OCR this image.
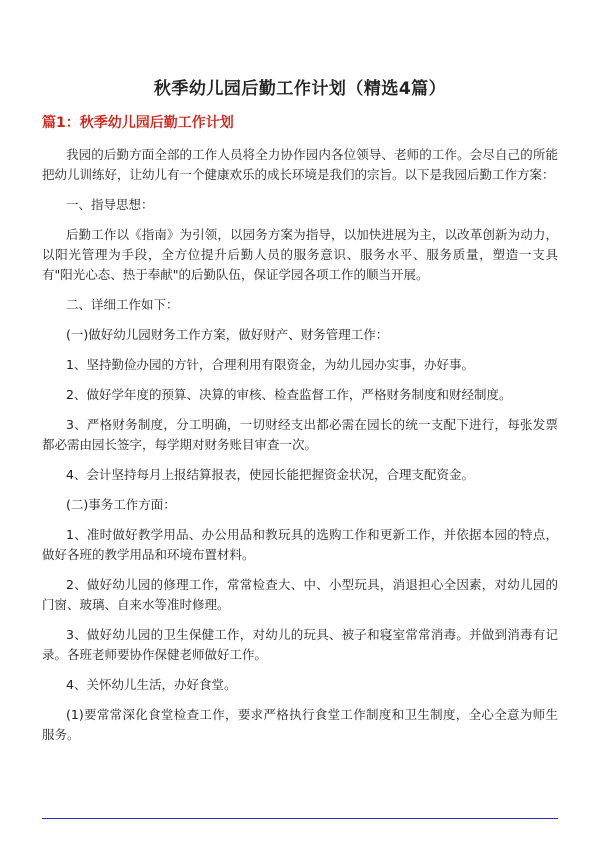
秋季幼儿园后勤工作计划（精选4篇）
篇1：秋季幼儿园后勤工作计划

我园的后勤方面全部的工作人员将全力协作园内各位领导、老师的工作。会尽自己的所能把幼儿训练好，让幼儿有一个健康欢乐的成长环境是我们的宗旨。以下是我园后勤工作方案：

一、指导思想：

后勤工作以《指南》为引领，以园务方案为指导，以加快进展为主，以改革创新为动力，以阳光管理为手段，全方位提升后勤人员的服务意识、服务水平、服务质量，塑造一支具有"阳光心态、热于奉献"的后勤队伍，保证学园各项工作的顺当开展。

二、详细工作如下：

(一)做好幼儿园财务工作方案，做好财产、财务管理工作：

1、坚持勤俭办园的方针，合理利用有限资金，为幼儿园办实事，办好事。

2、做好学年度的预算、决算的审核、检查监督工作，严格财务制度和财经制度。

3、严格财务制度，分工明确，一切财经支出都必需在园长的统一支配下进行，每张发票都必需由园长签字，每学期对财务账目审查一次。

4、会计坚持每月上报结算报表，使园长能把握资金状况，合理支配资金。

(二)事务工作方面：

1、准时做好教学用品、办公用品和教玩具的选购工作和更新工作，并依据本园的特点，做好各班的教学用品和环境布置材料。

2、做好幼儿园的修理工作，常常检查大、中、小型玩具，消退担心全因素，对幼儿园的门窗、玻璃、自来水等准时修理。

3、做好幼儿园的卫生保健工作，对幼儿的玩具、被子和寝室常常消毒。并做到消毒有记录。各班老师要协作保健老师做好工作。

4、关怀幼儿生活，办好食堂。

(1)要常常深化食堂检查工作，要求严格执行食堂工作制度和卫生制度，全心全意为师生服务。
